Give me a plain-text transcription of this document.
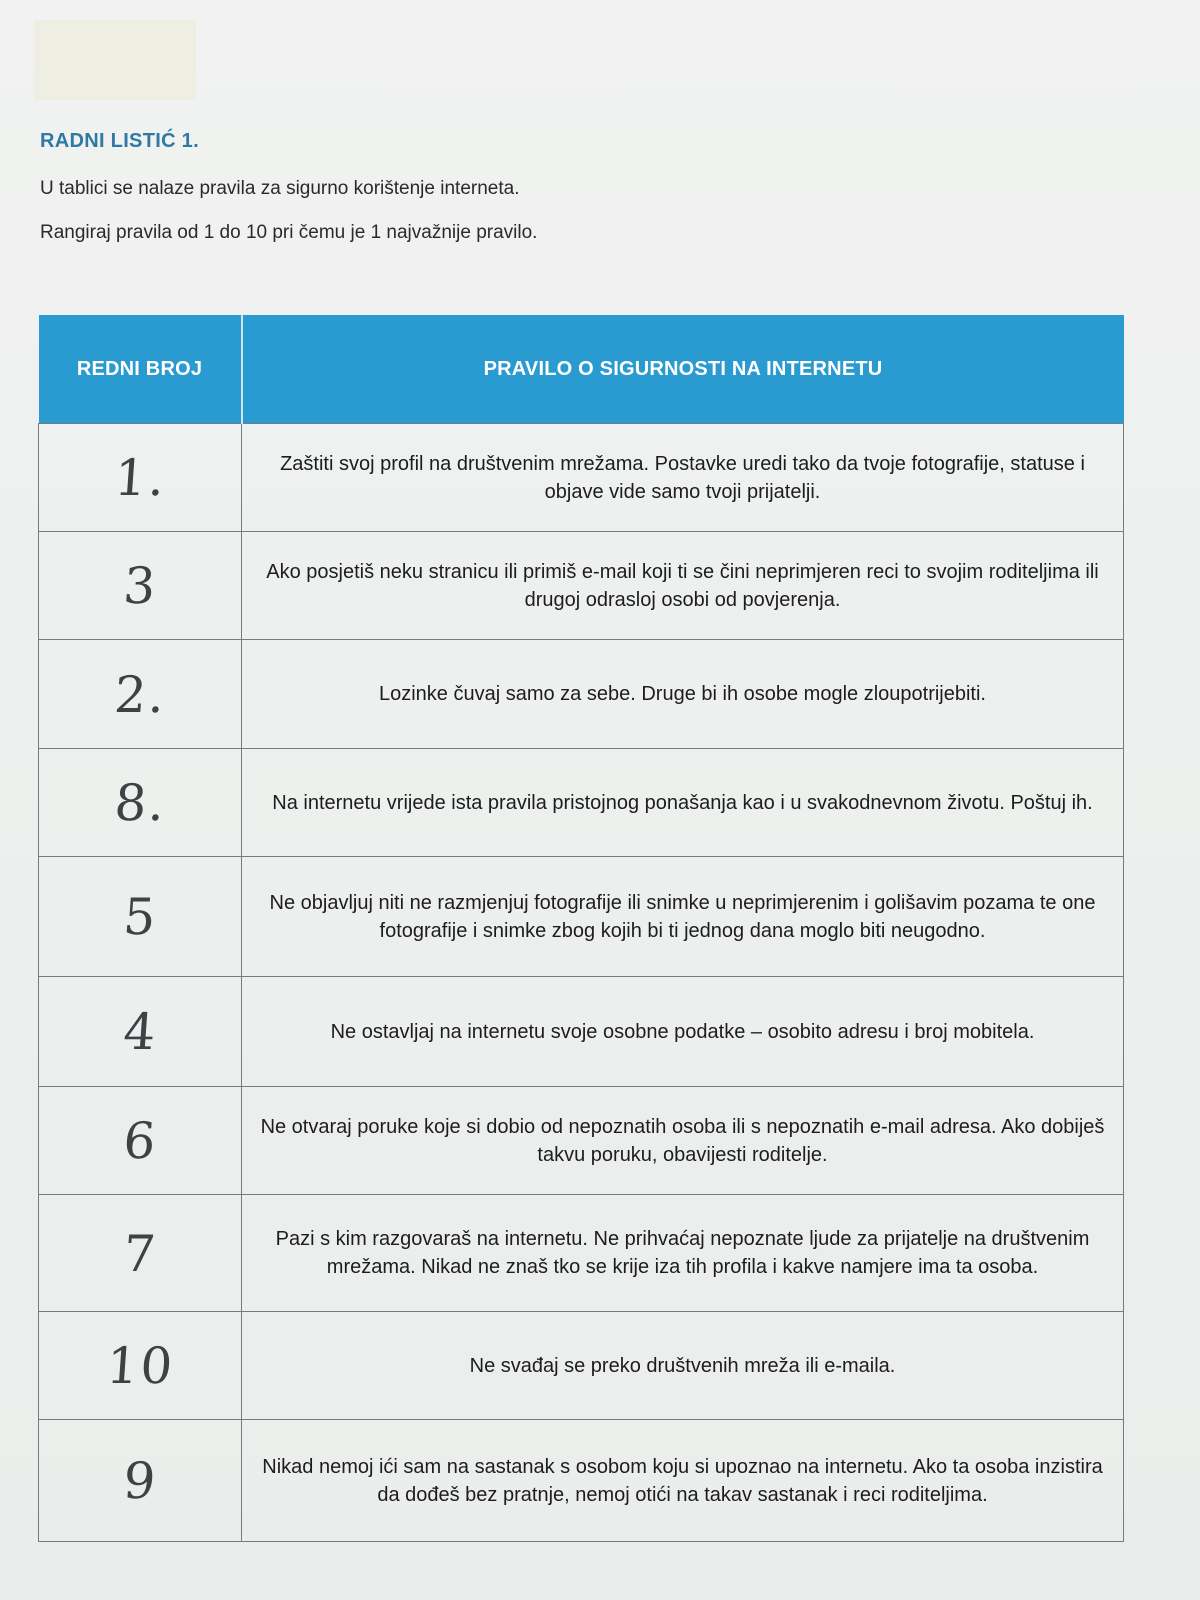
RADNI LISTIĆ 1.
U tablici se nalaze pravila za sigurno korištenje interneta.
Rangiraj pravila od 1 do 10 pri čemu je 1 najvažnije pravilo.
REDNI BROJ	PRAVILO O SIGURNOSTI NA INTERNETU
1.	Zaštiti svoj profil na društvenim mrežama. Postavke uredi tako da tvoje fotografije, statuse i objave vide samo tvoji prijatelji.
3	Ako posjetiš neku stranicu ili primiš e-mail koji ti se čini neprimjeren reci to svojim roditeljima ili drugoj odrasloj osobi od povjerenja.
2.	Lozinke čuvaj samo za sebe. Druge bi ih osobe mogle zloupotrijebiti.
8.	Na internetu vrijede ista pravila pristojnog ponašanja kao i u svakodnevnom životu. Poštuj ih.
5	Ne objavljuj niti ne razmjenjuj fotografije ili snimke u neprimjerenim i golišavim pozama te one fotografije i snimke zbog kojih bi ti jednog dana moglo biti neugodno.
4	Ne ostavljaj na internetu svoje osobne podatke – osobito adresu i broj mobitela.
6	Ne otvaraj poruke koje si dobio od nepoznatih osoba ili s nepoznatih e-mail adresa. Ako dobiješ takvu poruku, obavijesti roditelje.
7	Pazi s kim razgovaraš na internetu. Ne prihvaćaj nepoznate ljude za prijatelje na društvenim mrežama. Nikad ne znaš tko se krije iza tih profila i kakve namjere ima ta osoba.
10	Ne svađaj se preko društvenih mreža ili e-maila.
9	Nikad nemoj ići sam na sastanak s osobom koju si upoznao na internetu. Ako ta osoba inzistira da dođeš bez pratnje, nemoj otići na takav sastanak i reci roditeljima.
